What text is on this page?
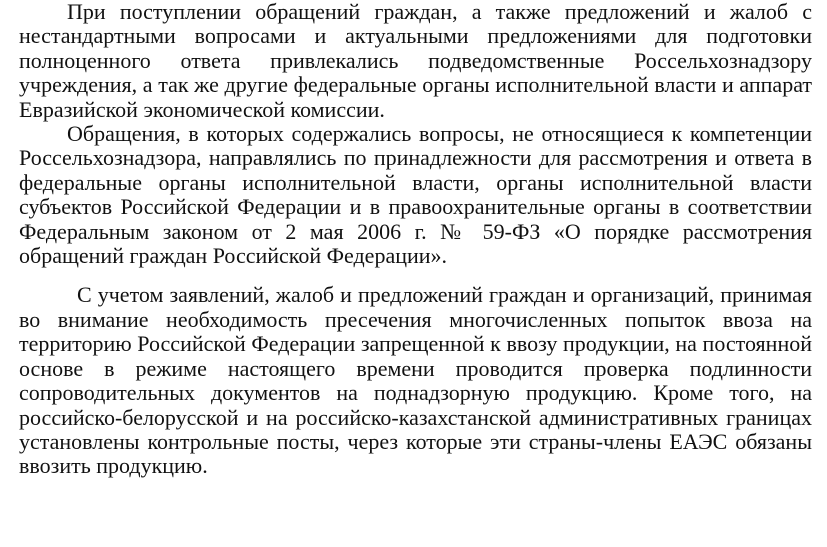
При поступлении обращений граждан, а также предложений и жалоб с нестандартными вопросами и актуальными предложениями для подготовки полноценного ответа привлекались подведомственные Россельхознадзору учреждения, а так же другие федеральные органы исполнительной власти и аппарат Евразийской экономической комиссии.

Обращения, в которых содержались вопросы, не относящиеся к компетенции Россельхознадзора, направлялись по принадлежности для рассмотрения и ответа в федеральные органы исполнительной власти, органы исполнительной власти субъектов Российской Федерации и в правоохранительные органы в соответствии Федеральным законом от 2 мая 2006 г. № 59-ФЗ «О порядке рассмотрения обращений граждан Российской Федерации».

С учетом заявлений, жалоб и предложений граждан и организаций, принимая во внимание необходимость пресечения многочисленных попыток ввоза на территорию Российской Федерации запрещенной к ввозу продукции, на постоянной основе в режиме настоящего времени проводится проверка подлинности сопроводительных документов на поднадзорную продукцию. Кроме того, на российско-белорусской и на российско-казахстанской административных границах установлены контрольные посты, через которые эти страны-члены ЕАЭС обязаны ввозить продукцию.
